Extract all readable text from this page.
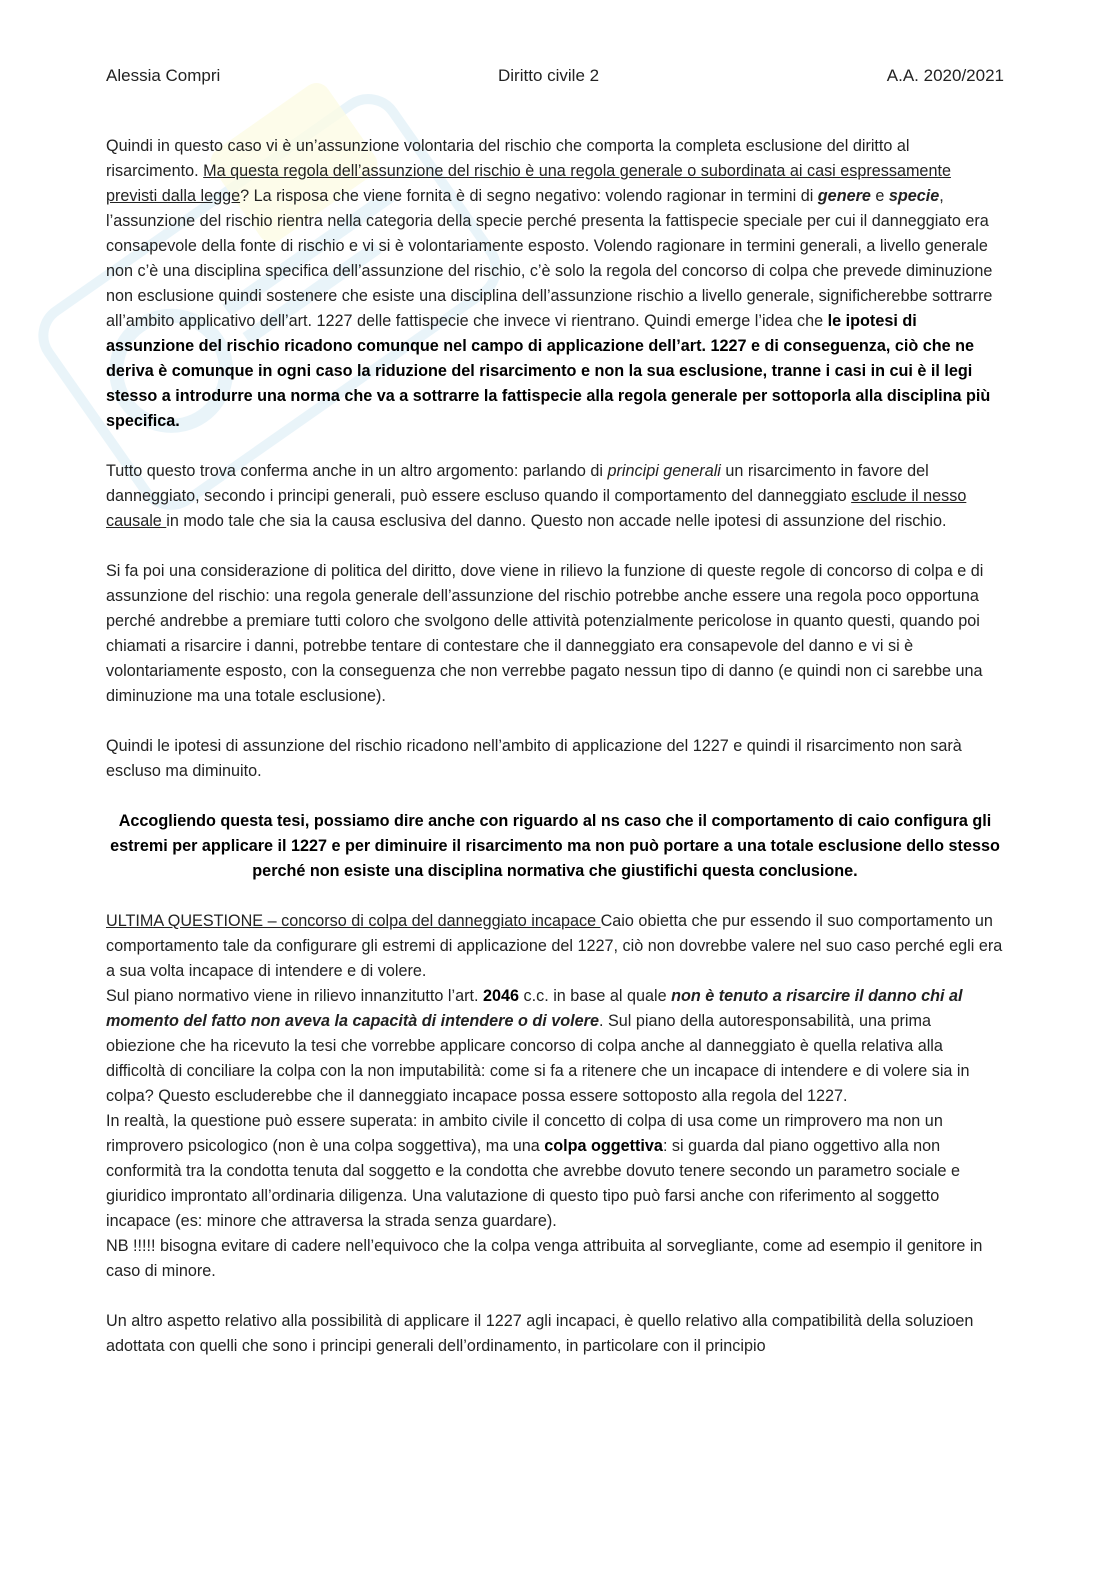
Alessia Compri	Diritto civile 2	A.A. 2020/2021

Quindi in questo caso vi è un’assunzione volontaria del rischio che comporta la completa esclusione del diritto al risarcimento. Ma questa regola dell’assunzione del rischio è una regola generale o subordinata ai casi espressamente previsti dalla legge? La risposa che viene fornita è di segno negativo: volendo ragionar in termini di genere e specie, l’assunzione del rischio rientra nella categoria della specie perché presenta la fattispecie speciale per cui il danneggiato era consapevole della fonte di rischio e vi si è volontariamente esposto. Volendo ragionare in termini generali, a livello generale non c’è una disciplina specifica dell’assunzione del rischio, c’è solo la regola del concorso di colpa che prevede diminuzione non esclusione quindi sostenere che esiste una disciplina dell’assunzione rischio a livello generale, significherebbe sottrarre all’ambito applicativo dell’art. 1227 delle fattispecie che invece vi rientrano. Quindi emerge l’idea che le ipotesi di assunzione del rischio ricadono comunque nel campo di applicazione dell’art. 1227 e di conseguenza, ciò che ne deriva è comunque in ogni caso la riduzione del risarcimento e non la sua esclusione, tranne i casi in cui è il legi stesso a introdurre una norma che va a sottrarre la fattispecie alla regola generale per sottoporla alla disciplina più specifica.

Tutto questo trova conferma anche in un altro argomento: parlando di principi generali un risarcimento in favore del danneggiato, secondo i principi generali, può essere escluso quando il comportamento del danneggiato esclude il nesso causale in modo tale che sia la causa esclusiva del danno. Questo non accade nelle ipotesi di assunzione del rischio.

Si fa poi una considerazione di politica del diritto, dove viene in rilievo la funzione di queste regole di concorso di colpa e di assunzione del rischio: una regola generale dell’assunzione del rischio potrebbe anche essere una regola poco opportuna perché andrebbe a premiare tutti coloro che svolgono delle attività potenzialmente pericolose in quanto questi, quando poi chiamati a risarcire i danni, potrebbe tentare di contestare che il danneggiato era consapevole del danno e vi si è volontariamente esposto, con la conseguenza che non verrebbe pagato nessun tipo di danno (e quindi non ci sarebbe una diminuzione ma una totale esclusione).

Quindi le ipotesi di assunzione del rischio ricadono nell’ambito di applicazione del 1227 e quindi il risarcimento non sarà escluso ma diminuito.

Accogliendo questa tesi, possiamo dire anche con riguardo al ns caso che il comportamento di caio configura gli estremi per applicare il 1227 e per diminuire il risarcimento ma non può portare a una totale esclusione dello stesso perché non esiste una disciplina normativa che giustifichi questa conclusione.

ULTIMA QUESTIONE – concorso di colpa del danneggiato incapace Caio obietta che pur essendo il suo comportamento un comportamento tale da configurare gli estremi di applicazione del 1227, ciò non dovrebbe valere nel suo caso perché egli era a sua volta incapace di intendere e di volere.

Sul piano normativo viene in rilievo innanzitutto l’art. 2046 c.c. in base al quale non è tenuto a risarcire il danno chi al momento del fatto non aveva la capacità di intendere o di volere. Sul piano della autoresponsabilità, una prima obiezione che ha ricevuto la tesi che vorrebbe applicare concorso di colpa anche al danneggiato è quella relativa alla difficoltà di conciliare la colpa con la non imputabilità: come si fa a ritenere che un incapace di intendere e di volere sia in colpa? Questo escluderebbe che il danneggiato incapace possa essere sottoposto alla regola del 1227.

In realtà, la questione può essere superata: in ambito civile il concetto di colpa di usa come un rimprovero ma non un rimprovero psicologico (non è una colpa soggettiva), ma una colpa oggettiva: si guarda dal piano oggettivo alla non conformità tra la condotta tenuta dal soggetto e la condotta che avrebbe dovuto tenere secondo un parametro sociale e giuridico improntato all’ordinaria diligenza. Una valutazione di questo tipo può farsi anche con riferimento al soggetto incapace (es: minore che attraversa la strada senza guardare).

NB !!!!! bisogna evitare di cadere nell’equivoco che la colpa venga attribuita al sorvegliante, come ad esempio il genitore in caso di minore.

Un altro aspetto relativo alla possibilità di applicare il 1227 agli incapaci, è quello relativo alla compatibilità della soluzioen adottata con quelli che sono i principi generali dell’ordinamento, in particolare con il principio
